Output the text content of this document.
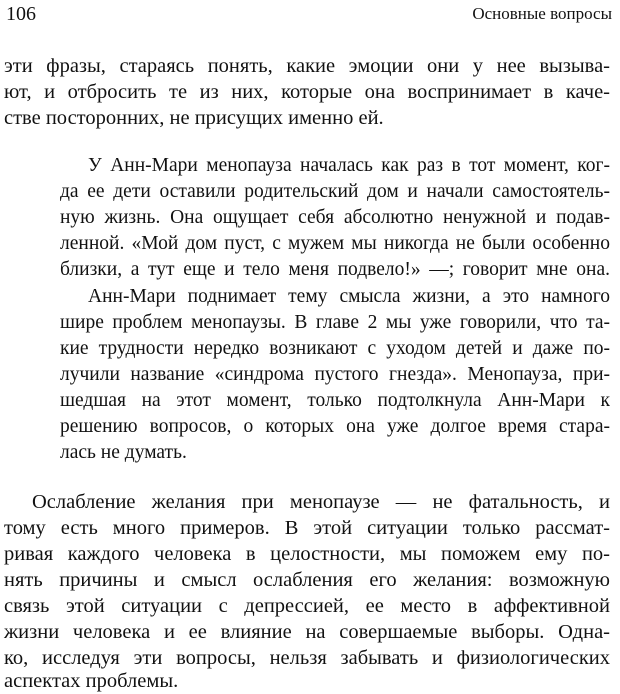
106	Основные вопросы
эти фразы, стараясь понять, какие эмоции они у нее вызыва-
ют, и отбросить те из них, которые она воспринимает в каче-
стве посторонних, не присущих именно ей.
У Анн-Мари менопауза началась как раз в тот момент, ког-
да ее дети оставили родительский дом и начали самостоятель-
ную жизнь. Она ощущает себя абсолютно ненужной и подав-
ленной. «Мой дом пуст, с мужем мы никогда не были особенно
близки, а тут еще и тело меня подвело!» —; говорит мне она.
Анн-Мари поднимает тему смысла жизни, а это намного
шире проблем менопаузы. В главе 2 мы уже говорили, что та-
кие трудности нередко возникают с уходом детей и даже по-
лучили название «синдрома пустого гнезда». Менопауза, при-
шедшая на этот момент, только подтолкнула Анн-Мари к
решению вопросов, о которых она уже долгое время стара-
лась не думать.
Ослабление желания при менопаузе — не фатальность, и
тому есть много примеров. В этой ситуации только рассмат-
ривая каждого человека в целостности, мы поможем ему по-
нять причины и смысл ослабления его желания: возможную
связь этой ситуации с депрессией, ее место в аффективной
жизни человека и ее влияние на совершаемые выборы. Одна-
ко, исследуя эти вопросы, нельзя забывать и физиологических
аспектах проблемы.
